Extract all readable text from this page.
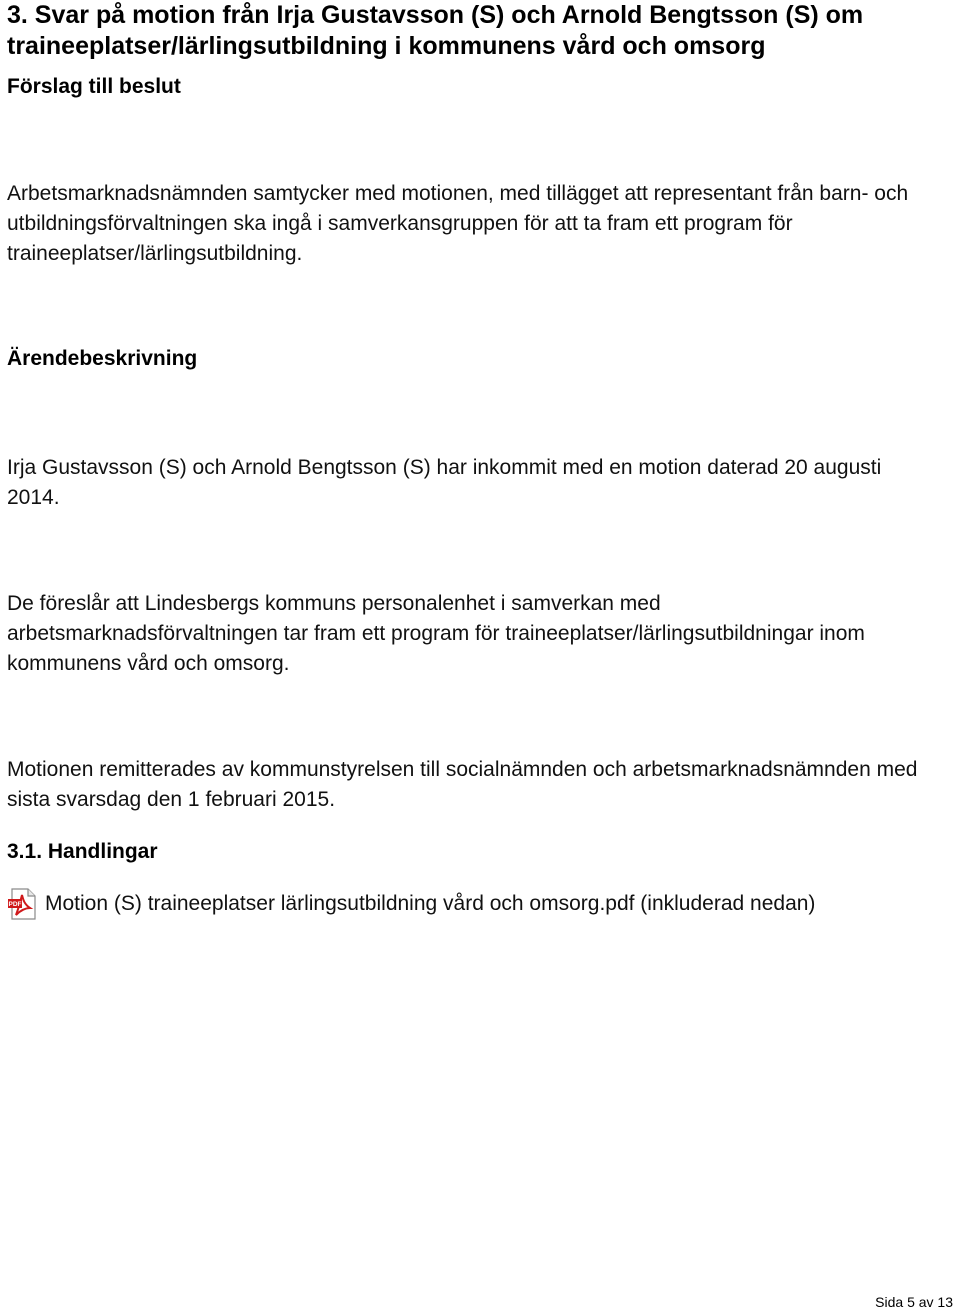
3. Svar på motion från Irja Gustavsson (S) och Arnold Bengtsson (S) om traineeplatser/lärlingsutbildning i kommunens vård och omsorg
Förslag till beslut

Arbetsmarknadsnämnden samtycker med motionen, med tillägget att representant från barn- och utbildningsförvaltningen ska ingå i samverkansgruppen för att ta fram ett program för traineeplatser/lärlingsutbildning.

Ärendebeskrivning

Irja Gustavsson (S) och Arnold Bengtsson (S) har inkommit med en motion daterad 20 augusti 2014.

De föreslår att Lindesbergs kommuns personalenhet i samverkan med arbetsmarknadsförvaltningen tar fram ett program för traineeplatser/lärlingsutbildningar inom kommunens vård och omsorg.

Motionen remitterades av kommunstyrelsen till socialnämnden och arbetsmarknadsnämnden med sista svarsdag den 1 februari 2015.

3.1. Handlingar
PDF Motion (S) traineeplatser lärlingsutbildning vård och omsorg.pdf (inkluderad nedan)
Sida 5 av 13
